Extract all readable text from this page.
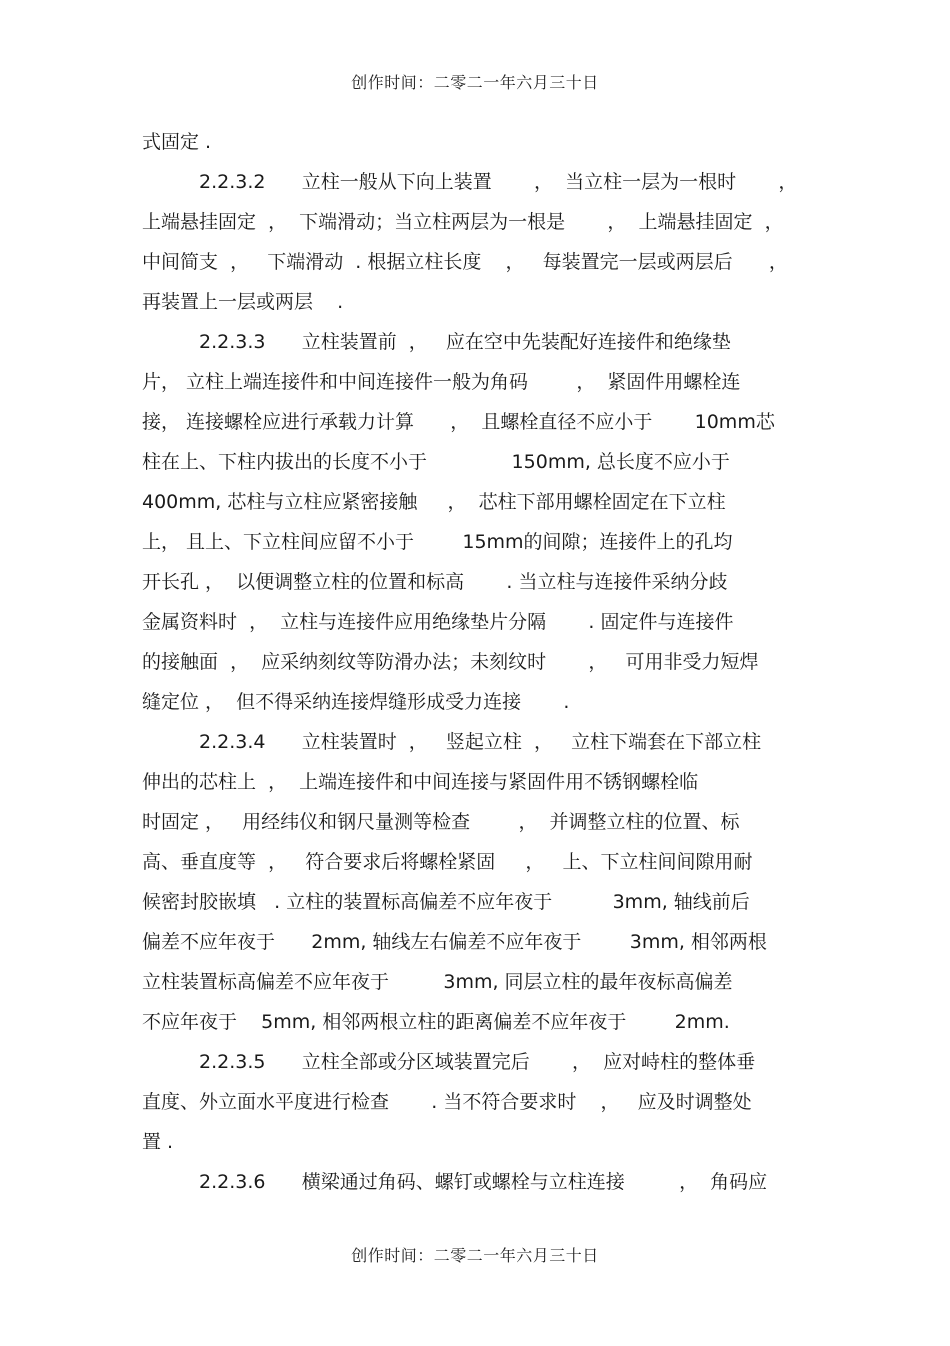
创作时间：二零二一年六月三十日
式固定 .
2.2.3.2      立柱一般从下向上装置       ，  当立柱一层为一根时       ，
上端悬挂固定  ，  下端滑动；当立柱两层为一根是       ，  上端悬挂固定  ，
中间简支  ，   下端滑动  . 根据立柱长度    ，   每装置完一层或两层后      ，
再装置上一层或两层    .
2.2.3.3      立柱装置前  ，   应在空中先装配好连接件和绝缘垫
片， 立柱上端连接件和中间连接件一般为角码        ，  紧固件用螺栓连
接， 连接螺栓应进行承载力计算      ，  且螺栓直径不应小于       10mm芯
柱在上、下柱内拔出的长度不小于              150mm, 总长度不应小于
400mm, 芯柱与立柱应紧密接触     ，  芯柱下部用螺栓固定在下立柱
上， 且上、下立柱间应留不小于        15mm的间隙；连接件上的孔均
开长孔 ，  以便调整立柱的位置和标高       . 当立柱与连接件采纳分歧
金属资料时  ，  立柱与连接件应用绝缘垫片分隔       . 固定件与连接件
的接触面  ，  应采纳刻纹等防滑办法；未刻纹时       ，   可用非受力短焊
缝定位 ，  但不得采纳连接焊缝形成受力连接       .
2.2.3.4      立柱装置时  ，   竖起立柱  ，   立柱下端套在下部立柱
伸出的芯柱上  ，  上端连接件和中间连接与紧固件用不锈钢螺栓临
时固定 ，   用经纬仪和钢尺量测等检查        ，  并调整立柱的位置、标
高、垂直度等  ，   符合要求后将螺栓紧固     ，   上、下立柱间间隙用耐
候密封胶嵌填   . 立柱的装置标高偏差不应年夜于          3mm, 轴线前后
偏差不应年夜于      2mm, 轴线左右偏差不应年夜于        3mm, 相邻两根
立柱装置标高偏差不应年夜于         3mm, 同层立柱的最年夜标高偏差
不应年夜于    5mm, 相邻两根立柱的距离偏差不应年夜于        2mm.
2.2.3.5      立柱全部或分区域装置完后       ，  应对峙柱的整体垂
直度、外立面水平度进行检查       . 当不符合要求时    ，   应及时调整处
置 .
2.2.3.6      横梁通过角码、螺钉或螺栓与立柱连接         ，  角码应
创作时间：二零二一年六月三十日
